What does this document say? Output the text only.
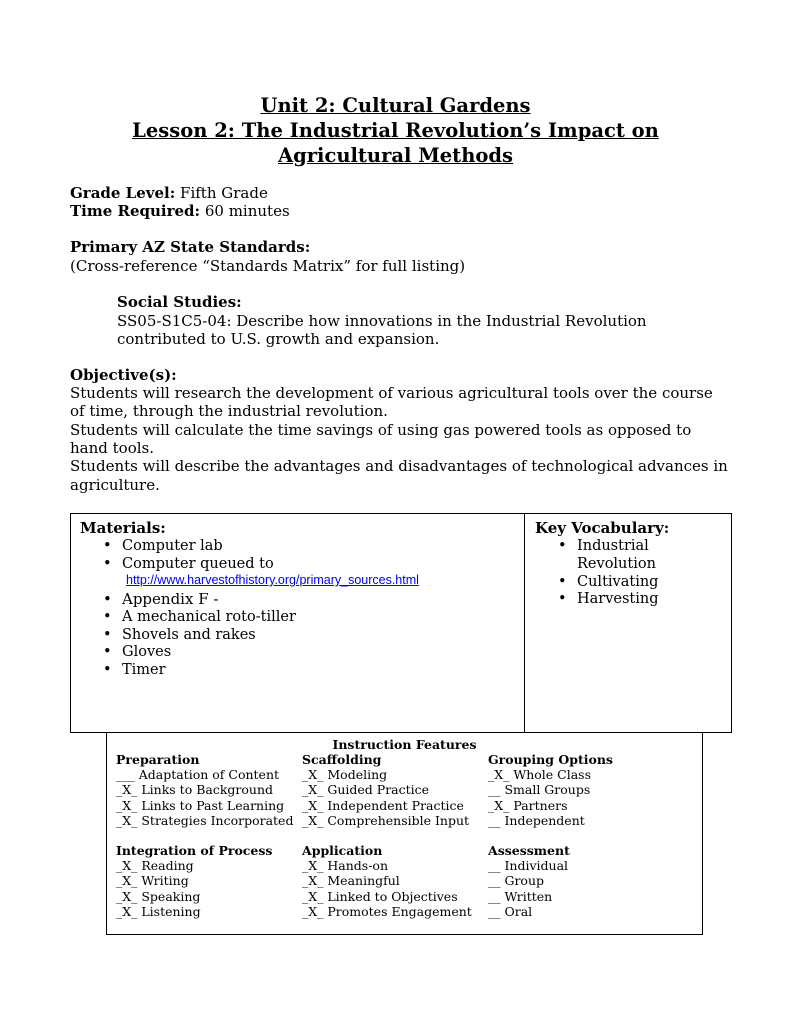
Unit 2: Cultural Gardens
Lesson 2: The Industrial Revolution’s Impact on
Agricultural Methods
Grade Level: Fifth Grade
Time Required: 60 minutes
Primary AZ State Standards:
(Cross-reference “Standards Matrix” for full listing)
Social Studies:
SS05-S1C5-04: Describe how innovations in the Industrial Revolution
contributed to U.S. growth and expansion.
Objective(s):
Students will research the development of various agricultural tools over the course
of time, through the industrial revolution.
Students will calculate the time savings of using gas powered tools as opposed to
hand tools.
Students will describe the advantages and disadvantages of technological advances in
agriculture.
Materials:
• Computer lab
• Computer queued to
http://www.harvestofhistory.org/primary_sources.html
• Appendix F -
• A mechanical roto-tiller
• Shovels and rakes
• Gloves
• Timer
Key Vocabulary:
• Industrial
Revolution
• Cultivating
• Harvesting
Instruction Features
Preparation
___ Adaptation of Content
_X_ Links to Background
_X_ Links to Past Learning
_X_ Strategies Incorporated
Scaffolding
_X_ Modeling
_X_ Guided Practice
_X_ Independent Practice
_X_ Comprehensible Input
Grouping Options
_X_ Whole Class
__ Small Groups
_X_ Partners
__ Independent
Integration of Process
_X_ Reading
_X_ Writing
_X_ Speaking
_X_ Listening
Application
_X_ Hands-on
_X_ Meaningful
_X_ Linked to Objectives
_X_ Promotes Engagement
Assessment
__ Individual
__ Group
__ Written
__ Oral
